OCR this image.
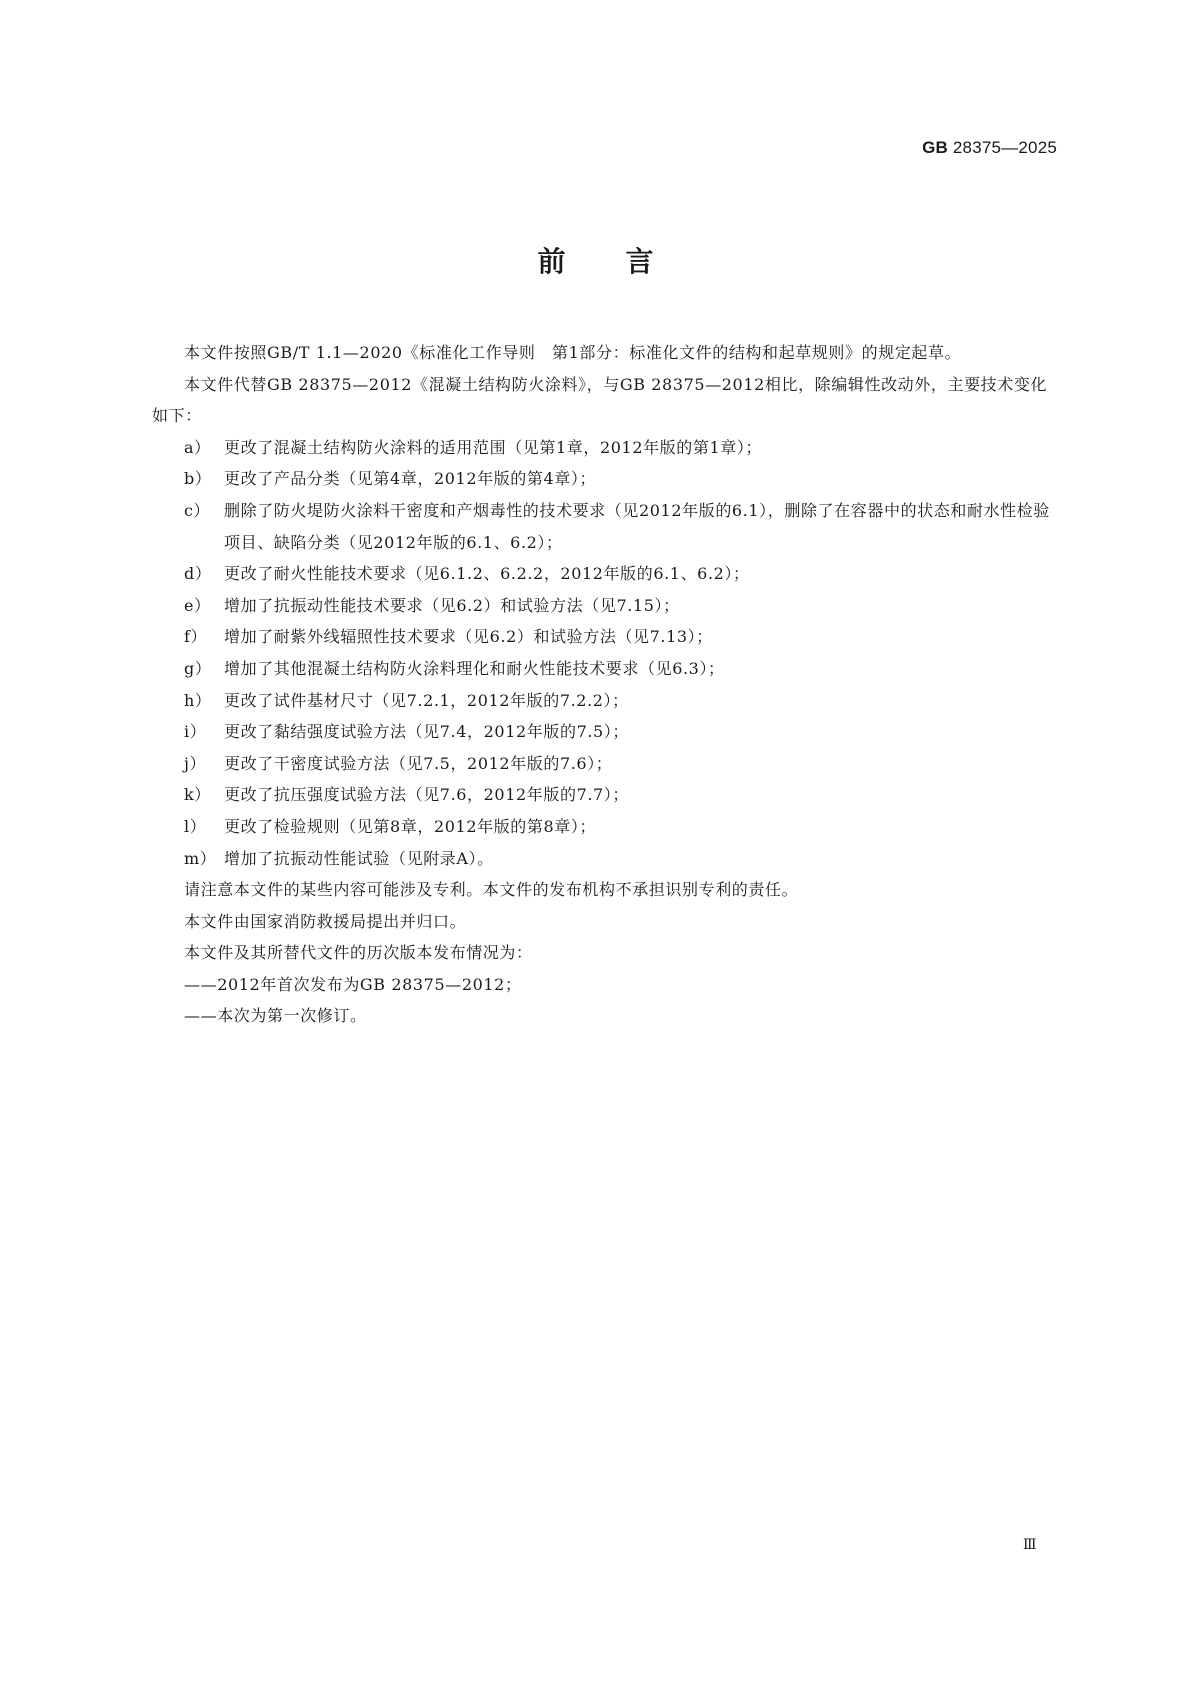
GB 28375—2025
前言

本文件按照GB/T 1.1—2020《标准化工作导则　第1部分：标准化文件的结构和起草规则》的规定起草。

本文件代替GB 28375—2012《混凝土结构防火涂料》，与GB 28375—2012相比，除编辑性改动外，主要技术变化如下：

a） 更改了混凝土结构防火涂料的适用范围（见第1章，2012年版的第1章）；
b） 更改了产品分类（见第4章，2012年版的第4章）；
c） 删除了防火堤防火涂料干密度和产烟毒性的技术要求（见2012年版的6.1），删除了在容器中的状态和耐水性检验项目、缺陷分类（见2012年版的6.1、6.2）；
d） 更改了耐火性能技术要求（见6.1.2、6.2.2，2012年版的6.1、6.2）；
e） 增加了抗振动性能技术要求（见6.2）和试验方法（见7.15）；
f）	增加了耐紫外线辐照性技术要求（见6.2）和试验方法（见7.13）；
g） 增加了其他混凝土结构防火涂料理化和耐火性能技术要求（见6.3）；
h） 更改了试件基材尺寸（见7.2.1，2012年版的7.2.2）；
i）	更改了黏结强度试验方法（见7.4，2012年版的7.5）；
j）	更改了干密度试验方法（见7.5，2012年版的7.6）；
k） 更改了抗压强度试验方法（见7.6，2012年版的7.7）；
l）	更改了检验规则（见第8章，2012年版的第8章）；
m） 增加了抗振动性能试验（见附录A）。

请注意本文件的某些内容可能涉及专利。本文件的发布机构不承担识别专利的责任。

本文件由国家消防救援局提出并归口。

本文件及其所替代文件的历次版本发布情况为：

——2012年首次发布为GB 28375—2012；

——本次为第一次修订。

Ⅲ
